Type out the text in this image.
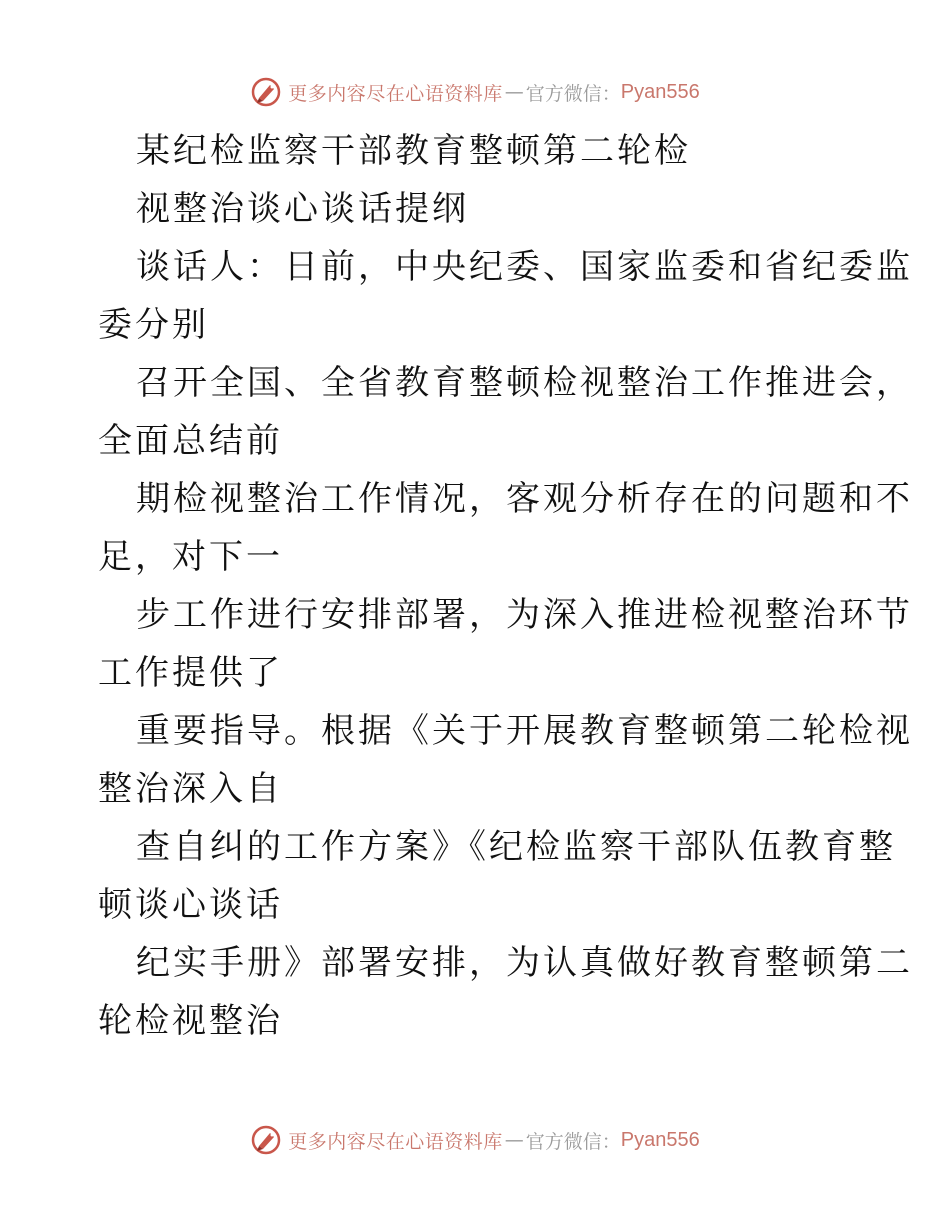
更多内容尽在心语资料库 — 官方微信： Pyan556
某纪检监察干部教育整顿第二轮检
视整治谈心谈话提纲
谈话人：日前，中央纪委、国家监委和省纪委监
委分别
召开全国、全省教育整顿检视整治工作推进会，
全面总结前
期检视整治工作情况，客观分析存在的问题和不
足，对下一
步工作进行安排部署，为深入推进检视整治环节
工作提供了
重要指导。根据《关于开展教育整顿第二轮检视
整治深入自
查自纠的工作方案》《纪检监察干部队伍教育整
顿谈心谈话
纪实手册》部署安排，为认真做好教育整顿第二
轮检视整治
更多内容尽在心语资料库 — 官方微信： Pyan556
